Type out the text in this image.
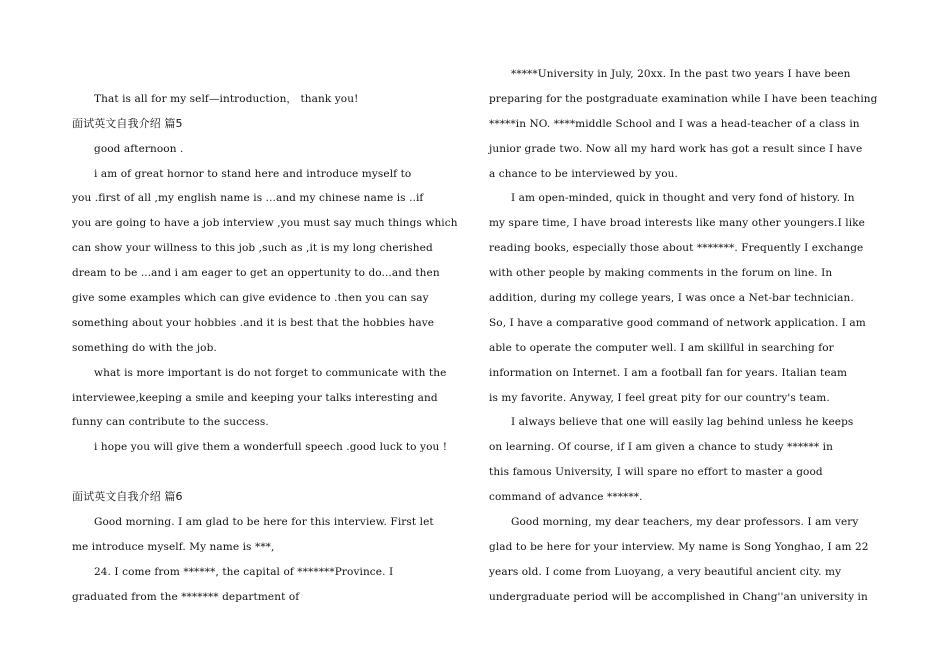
That is all for my self—introduction， thank you!
面试英文自我介绍 篇5
good afternoon .
i am of great hornor to stand here and introduce myself to
you .first of all ,my english name is ...and my chinese name is ..if
you are going to have a job interview ,you must say much things which
can show your willness to this job ,such as ,it is my long cherished
dream to be ...and i am eager to get an oppertunity to do...and then
give some examples which can give evidence to .then you can say
something about your hobbies .and it is best that the hobbies have
something do with the job.
what is more important is do not forget to communicate with the
interviewee,keeping a smile and keeping your talks interesting and
funny can contribute to the success.
i hope you will give them a wonderfull speech .good luck to you !
面试英文自我介绍 篇6
Good morning. I am glad to be here for this interview. First let
me introduce myself. My name is ***,
24. I come from ******, the capital of *******Province. I
graduated from the ******* department of
*****University in July, 20xx. In the past two years I have been
preparing for the postgraduate examination while I have been teaching
*****in NO. ****middle School and I was a head-teacher of a class in
junior grade two. Now all my hard work has got a result since I have
a chance to be interviewed by you.
I am open-minded, quick in thought and very fond of history. In
my spare time, I have broad interests like many other youngers.I like
reading books, especially those about *******. Frequently I exchange
with other people by making comments in the forum on line. In
addition, during my college years, I was once a Net-bar technician.
So, I have a comparative good command of network application. I am
able to operate the computer well. I am skillful in searching for
information on Internet. I am a football fan for years. Italian team
is my favorite. Anyway, I feel great pity for our country's team.
I always believe that one will easily lag behind unless he keeps
on learning. Of course, if I am given a chance to study ****** in
this famous University, I will spare no effort to master a good
command of advance ******.
Good morning, my dear teachers, my dear professors. I am very
glad to be here for your interview. My name is Song Yonghao, I am 22
years old. I come from Luoyang, a very beautiful ancient city. my
undergraduate period will be accomplished in Chang''an university in
